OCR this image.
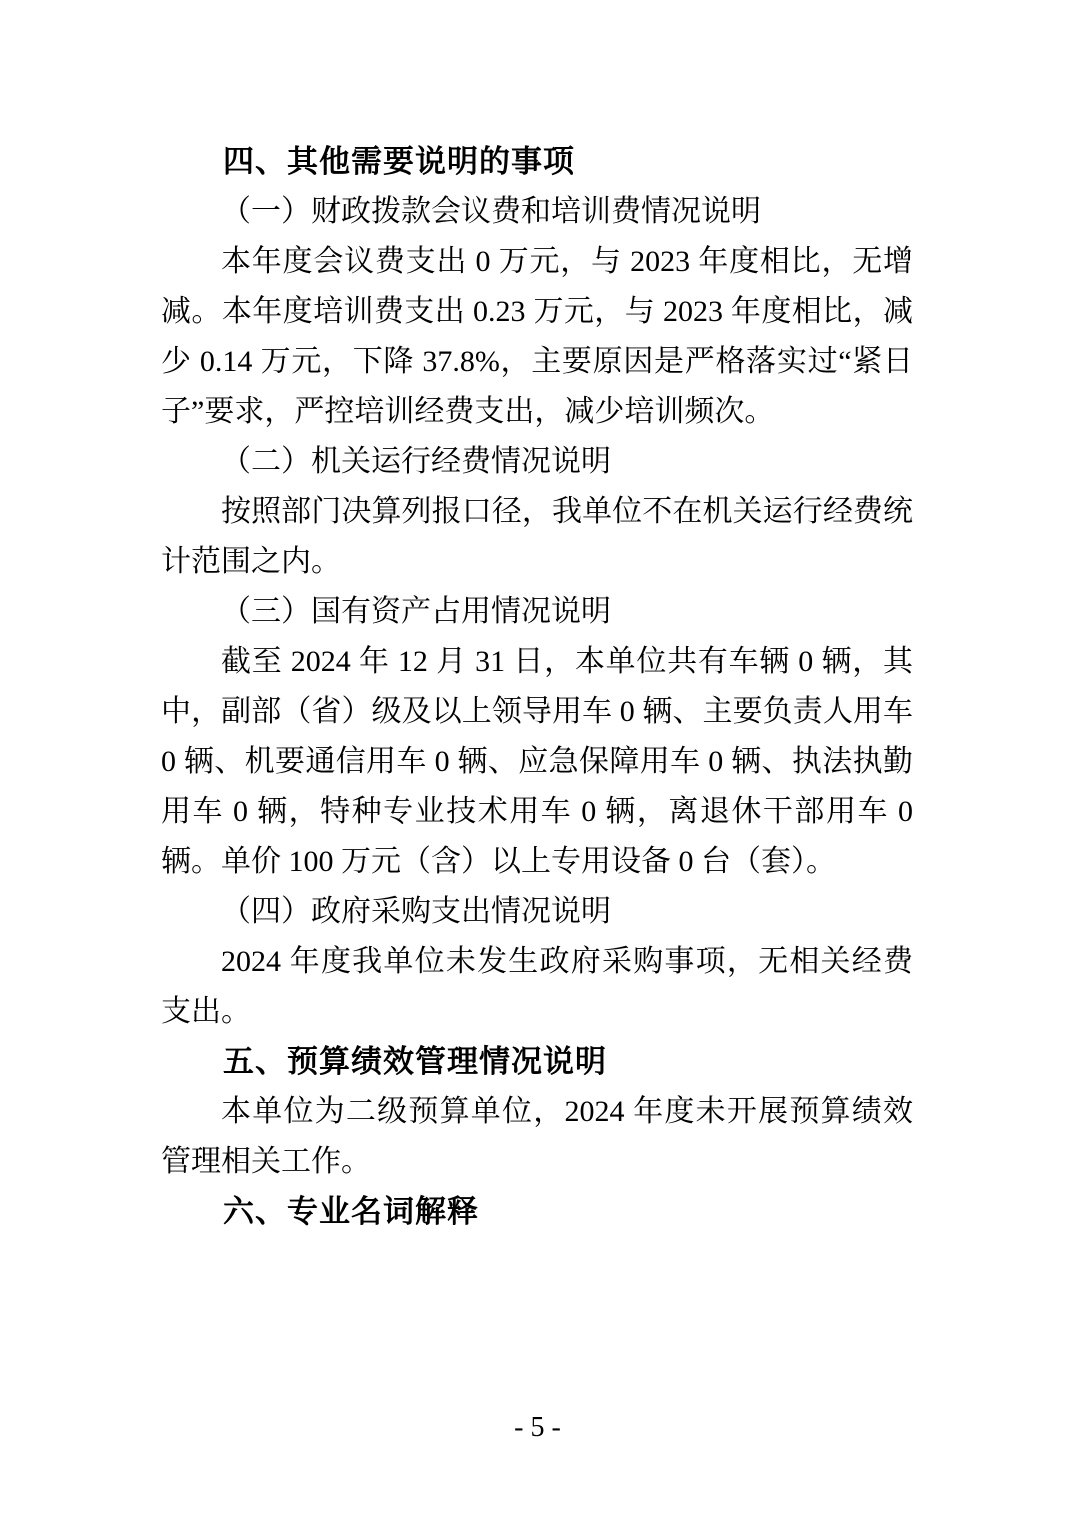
四、其他需要说明的事项
（一）财政拨款会议费和培训费情况说明
本年度会议费支出 0 万元，与 2023 年度相比，无增减。本年度培训费支出 0.23 万元，与 2023 年度相比，减少 0.14 万元，下降 37.8%，主要原因是严格落实过“紧日子”要求，严控培训经费支出，减少培训频次。
（二）机关运行经费情况说明
按照部门决算列报口径，我单位不在机关运行经费统计范围之内。
（三）国有资产占用情况说明
截至 2024 年 12 月 31 日，本单位共有车辆 0 辆，其中，副部（省）级及以上领导用车 0 辆、主要负责人用车 0 辆、机要通信用车 0 辆、应急保障用车 0 辆、执法执勤用车 0 辆，特种专业技术用车 0 辆，离退休干部用车 0 辆。单价 100 万元（含）以上专用设备 0 台（套）。
（四）政府采购支出情况说明
2024 年度我单位未发生政府采购事项，无相关经费支出。
五、预算绩效管理情况说明
本单位为二级预算单位，2024 年度未开展预算绩效管理相关工作。
六、专业名词解释
- 5 -
